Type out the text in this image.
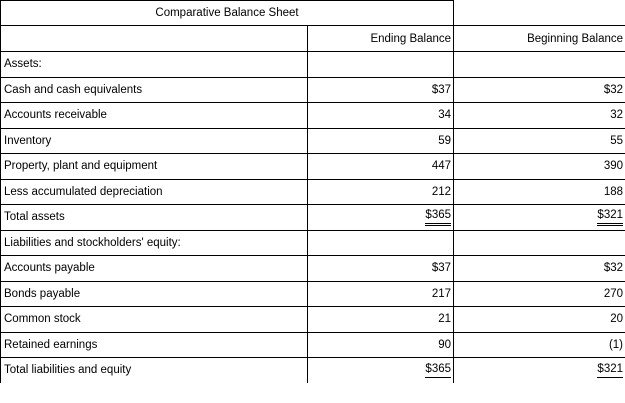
Comparative Balance Sheet		
	Ending Balance	Beginning Balance
Assets:		
Cash and cash equivalents	$37	$32
Accounts receivable	34	32
Inventory	59	55
Property, plant and equipment	447	390
Less accumulated depreciation	212	188
Total assets	$365	$321
Liabilities and stockholders' equity:		
Accounts payable	$37	$32
Bonds payable	217	270
Common stock	21	20
Retained earnings	90	(1)
Total liabilities and equity	$365	$321
